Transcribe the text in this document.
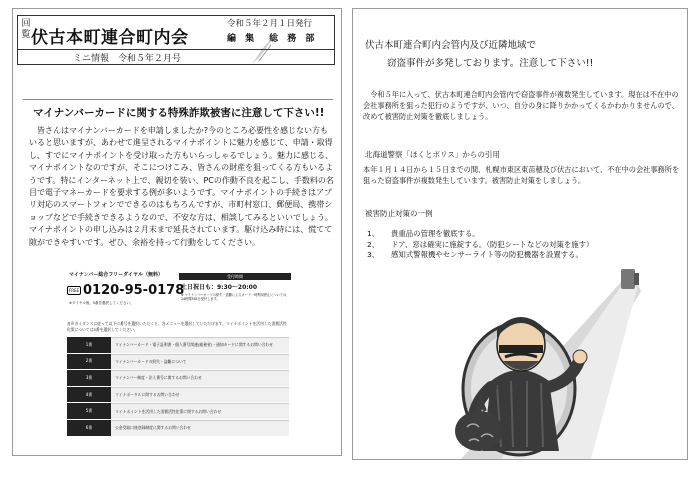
回
覧 伏古本町連合町内会
令和５年２月１日発行
編 集　総 務 部
ミニ情報　令和５年２月号
マイナンバーカードに関する特殊詐欺被害に注意して下さい!!

皆さんはマイナンバーカードを申請しましたか?今のところ必要性を感じない方もいると思いますが、あわせて進呈されるマイナポイントに魅力を感じて、申請・取得し、すでにマイナポイントを受け取った方もいらっしゃるでしょう。魅力に感じる、マイナポイントなのですが、そこにつけこみ、皆さんの財産を狙ってくる方もいるようです。特にインターネット上で、親切を装い、PCの作動不良を起こし、手数料の名目で電子マネーカードを要求する例が多いようです。マイナポイントの手続きはアプリ対応のスマートフォンでできるのはもちろんですが、市町村窓口、郵便局、携帯ショップなどで手続きできるようなので、不安な方は、相談してみるといいでしょう。マイナポイントの申し込みは２月末まで延長されています。駆け込み時には、慌てて隙ができやすいです。ぜひ、余裕を持って行動をしてください。

マイナンバー総合フリーダイヤル（無料）
FREE 0120-95-0178
※ダイヤル後、5番を選択してください。
受付時間
土日祝日も：9:30～20:00
※ マイナンバーカードの紛失・盗難によるカード一時利用停止については、24時間365日受付します。
音声ガイダンスに従って以下の番号を選択いただくと、各メニューを選択していただけます。マイナポイントを活用した消費活性化策については5番を選択してください。
1番	マイナンバーカード・電子証明書・個人番号関連(総務省)・通知カードに関するお問い合わせ
2番	マイナンバーカードの紛失・盗難について
3番	マイナンバー制度・法人番号に関するお問い合わせ
4番	マイナポータルに関するお問い合わせ
5番	マイナポイントを活用した消費活性化策に関するお問い合わせ
6番	公金受取口座登録制度に関するお問い合わせ
伏古本町連合町内会管内及び近隣地域で
窃盗事件が多発しております。注意して下さい!!

令和５年に入って、伏古本町連合町内会管内で窃盗事件が複数発生しています。現在は不在中の会社事務所を狙った犯行のようですが、いつ、自分の身に降りかかってくるかわかりませんので、改めて被害防止対策を徹底しましょう。

北海道警察「ほくとポリス」からの引用

本年１月１４日から１５日までの間、札幌市東区東苗穂及び伏古において、不在中の会社事務所を狙った窃盗事件が複数発生しています。被害防止対策をしましょう。

被害防止対策の一例
1、	貴重品の管理を徹底する。
2、	ドア、窓は確実に施錠する。（防犯シートなどの対策を施す）
3、	感知式警報機やセンサーライト等の防犯機器を設置する。
